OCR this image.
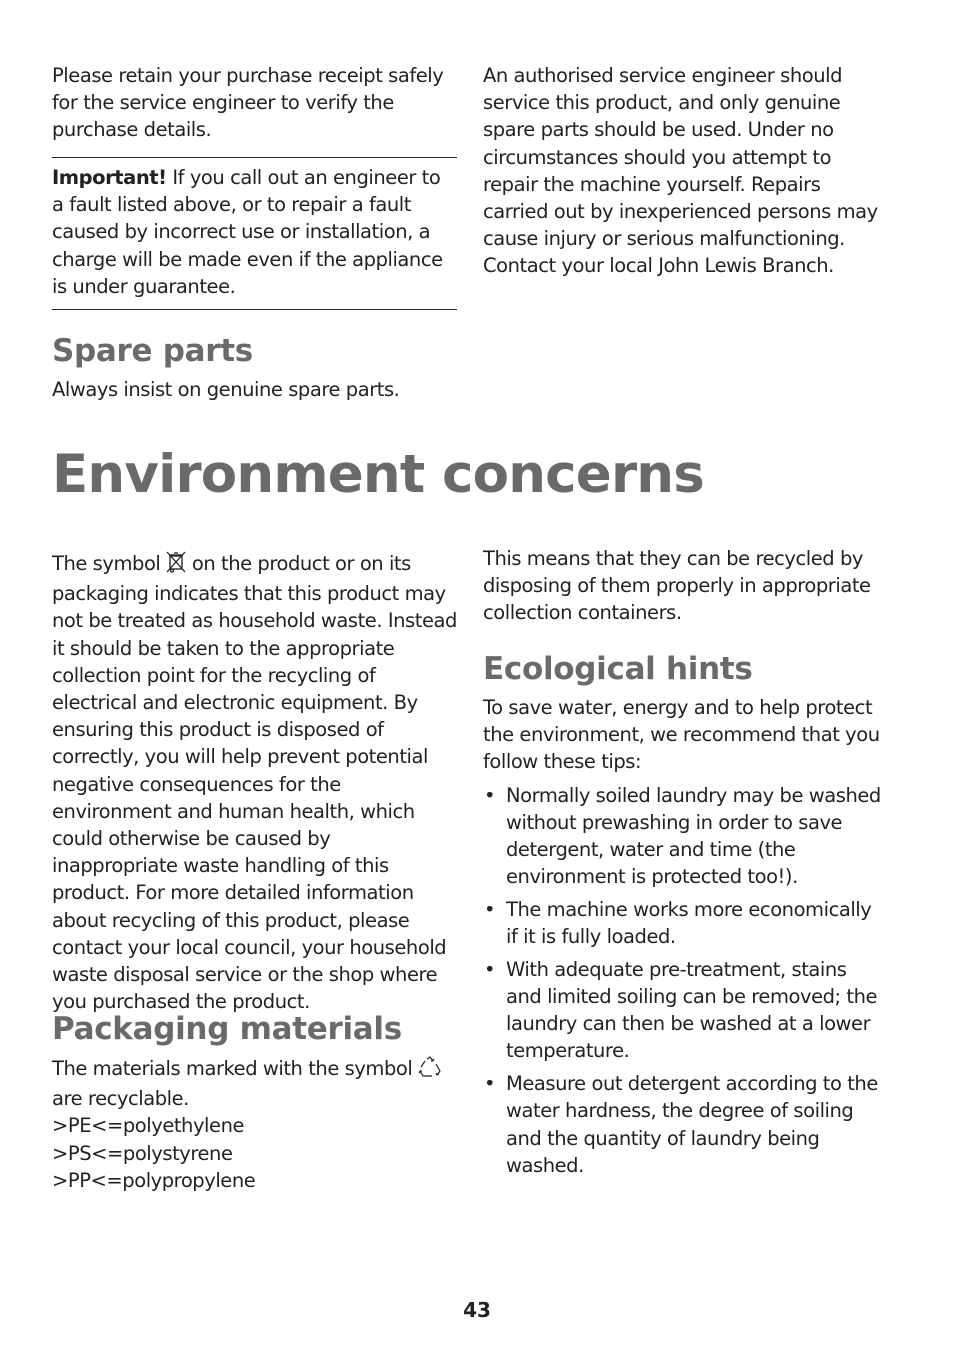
Please retain your purchase receipt safely for the service engineer to verify the purchase details.

Important! If you call out an engineer to a fault listed above, or to repair a fault caused by incorrect use or installation, a charge will be made even if the appliance is under guarantee.

An authorised service engineer should service this product, and only genuine spare parts should be used. Under no circumstances should you attempt to repair the machine yourself. Repairs carried out by inexperienced persons may cause injury or serious malfunctioning. Contact your local John Lewis Branch.

Spare parts

Always insist on genuine spare parts.

Environment concerns

The symbol  on the product or on its packaging indicates that this product may not be treated as household waste. Instead it should be taken to the appropriate collection point for the recycling of electrical and electronic equipment. By ensuring this product is disposed of correctly, you will help prevent potential negative consequences for the environment and human health, which could otherwise be caused by inappropriate waste handling of this product. For more detailed information about recycling of this product, please contact your local council, your household waste disposal service or the shop where you purchased the product.

Packaging materials

The materials marked with the symbol  are recyclable.
>PE<=polyethylene
>PS<=polystyrene
>PP<=polypropylene

This means that they can be recycled by disposing of them properly in appropriate collection containers.

Ecological hints

To save water, energy and to help protect the environment, we recommend that you follow these tips:

• Normally soiled laundry may be washed without prewashing in order to save detergent, water and time (the environment is protected too!).

• The machine works more economically if it is fully loaded.

• With adequate pre-treatment, stains and limited soiling can be removed; the laundry can then be washed at a lower temperature.

• Measure out detergent according to the water hardness, the degree of soiling and the quantity of laundry being washed.

43
